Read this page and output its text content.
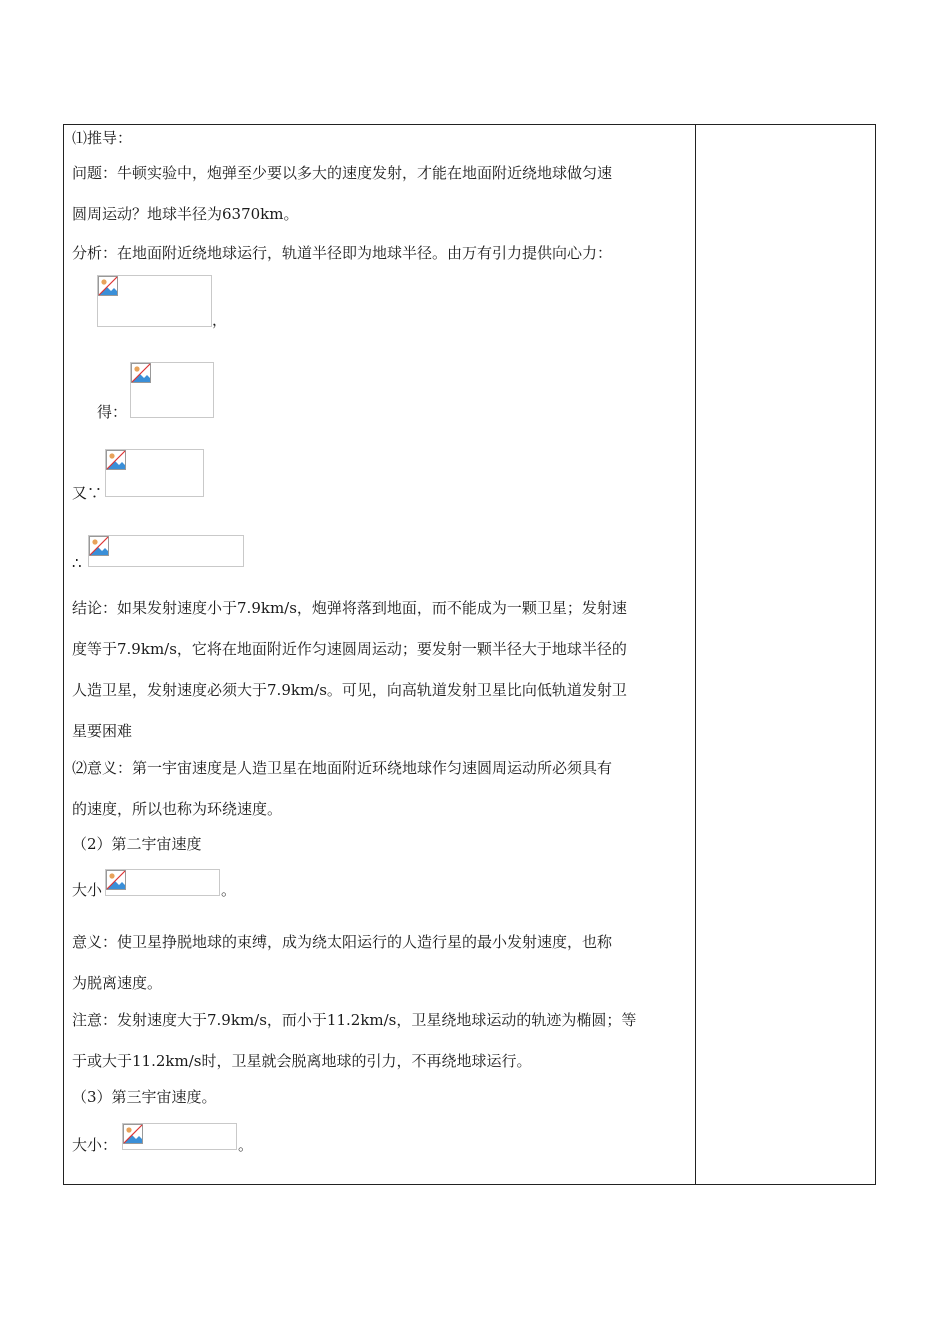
⑴推导：
问题：牛顿实验中，炮弹至少要以多大的速度发射，才能在地面附近绕地球做匀速
圆周运动？地球半径为6370km。
分析：在地面附近绕地球运行，轨道半径即为地球半径。由万有引力提供向心力：
，
得：
又∵
∴
结论：如果发射速度小于7.9km/s，炮弹将落到地面，而不能成为一颗卫星；发射速
度等于7.9km/s，它将在地面附近作匀速圆周运动；要发射一颗半径大于地球半径的
人造卫星，发射速度必须大于7.9km/s。可见，向高轨道发射卫星比向低轨道发射卫
星要困难
⑵意义：第一宇宙速度是人造卫星在地面附近环绕地球作匀速圆周运动所必须具有
的速度，所以也称为环绕速度。
（2）第二宇宙速度
大小	。
意义：使卫星挣脱地球的束缚，成为绕太阳运行的人造行星的最小发射速度，也称
为脱离速度。
注意：发射速度大于7.9km/s，而小于11.2km/s，卫星绕地球运动的轨迹为椭圆；等
于或大于11.2km/s时，卫星就会脱离地球的引力，不再绕地球运行。
（3）第三宇宙速度。
大小：	。
